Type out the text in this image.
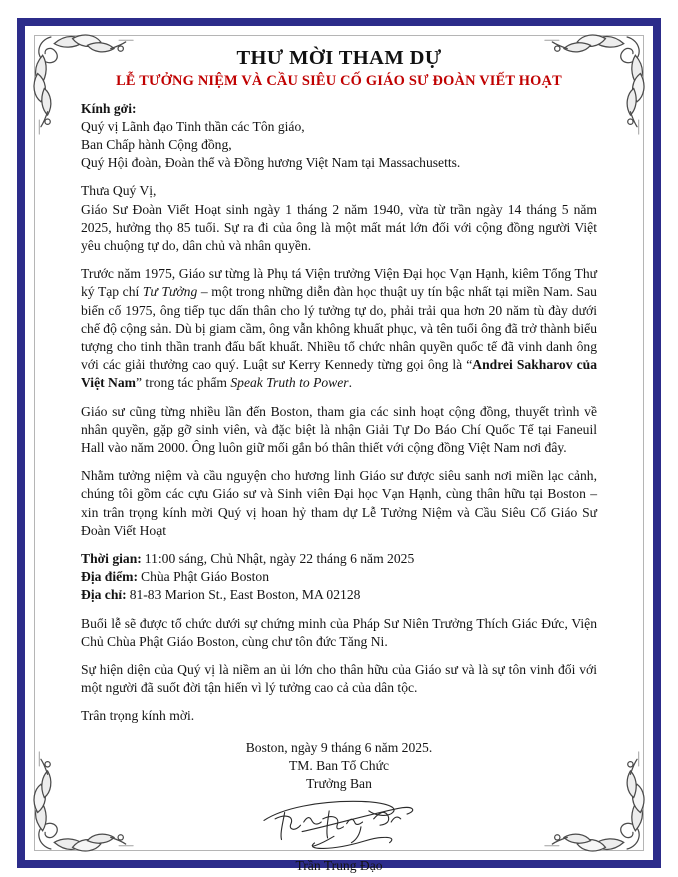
THƯ MỜI THAM DỰ
LỄ TƯỞNG NIỆM VÀ CẦU SIÊU CỐ GIÁO SƯ ĐOÀN VIẾT HOẠT

Kính gởi:

Quý vị Lãnh đạo Tinh thần các Tôn giáo,

Ban Chấp hành Cộng đồng,

Quý Hội đoàn, Đoàn thể và Đồng hương Việt Nam tại Massachusetts.

Thưa Quý Vị,

Giáo Sư Đoàn Viết Hoạt sinh ngày 1 tháng 2 năm 1940, vừa từ trần ngày 14 tháng 5 năm 2025, hưởng thọ 85 tuổi. Sự ra đi của ông là một mất mát lớn đối với cộng đồng người Việt yêu chuộng tự do, dân chủ và nhân quyền.

Trước năm 1975, Giáo sư từng là Phụ tá Viện trưởng Viện Đại học Vạn Hạnh, kiêm Tổng Thư ký Tạp chí Tư Tưởng – một trong những diễn đàn học thuật uy tín bậc nhất tại miền Nam. Sau biến cố 1975, ông tiếp tục dấn thân cho lý tưởng tự do, phải trải qua hơn 20 năm tù đày dưới chế độ cộng sản. Dù bị giam cầm, ông vẫn không khuất phục, và tên tuổi ông đã trở thành biểu tượng cho tinh thần tranh đấu bất khuất. Nhiều tổ chức nhân quyền quốc tế đã vinh danh ông với các giải thưởng cao quý. Luật sư Kerry Kennedy từng gọi ông là “Andrei Sakharov của Việt Nam” trong tác phẩm Speak Truth to Power.

Giáo sư cũng từng nhiều lần đến Boston, tham gia các sinh hoạt cộng đồng, thuyết trình về nhân quyền, gặp gỡ sinh viên, và đặc biệt là nhận Giải Tự Do Báo Chí Quốc Tế tại Faneuil Hall vào năm 2000. Ông luôn giữ mối gắn bó thân thiết với cộng đồng Việt Nam nơi đây.

Nhằm tưởng niệm và cầu nguyện cho hương linh Giáo sư được siêu sanh nơi miền lạc cảnh, chúng tôi gồm các cựu Giáo sư và Sinh viên Đại học Vạn Hạnh, cùng thân hữu tại Boston – xin trân trọng kính mời Quý vị hoan hỷ tham dự Lễ Tưởng Niệm và Cầu Siêu Cố Giáo Sư Đoàn Viết Hoạt

Thời gian: 11:00 sáng, Chủ Nhật, ngày 22 tháng 6 năm 2025

Địa điểm: Chùa Phật Giáo Boston

Địa chỉ: 81-83 Marion St., East Boston, MA 02128

Buổi lễ sẽ được tổ chức dưới sự chứng minh của Pháp Sư Niên Trưởng Thích Giác Đức, Viện Chủ Chùa Phật Giáo Boston, cùng chư tôn đức Tăng Ni.

Sự hiện diện của Quý vị là niềm an ủi lớn cho thân hữu của Giáo sư và là sự tôn vinh đối với một người đã suốt đời tận hiến vì lý tưởng cao cả của dân tộc.

Trân trọng kính mời.

Boston, ngày 9 tháng 6 năm 2025.

TM. Ban Tổ Chức

Trưởng Ban

Trần Trung Đạo
